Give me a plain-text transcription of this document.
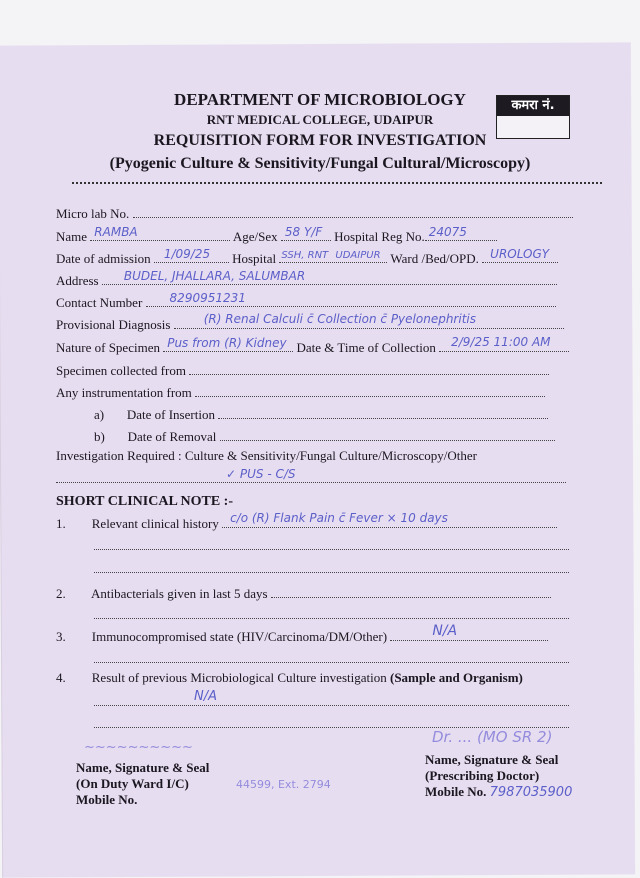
DEPARTMENT OF MICROBIOLOGY
RNT MEDICAL COLLEGE, UDAIPUR
REQUISITION FORM FOR INVESTIGATION
(Pyogenic Culture & Sensitivity/Fungal Cultural/Microscopy)
कमरा नं.
Micro lab No.
Name RAMBA	Age/Sex 58 Y/F Hospital Reg No. 24075
Date of admission 1/09/25 Hospital SSH, RNT UDAIPUR Ward /Bed/OPD. UROLOGY
Address BUDEL, JHALLARA, SALUMBAR
Contact Number 8290951231
Provisional Diagnosis	(R) Renal Calculi c̄ Collection c̄ Pyelonephritis
Nature of Specimen Pus from (R) Kidney Date & Time of Collection 2/9/25 11:00 AM
Specimen collected from
Any instrumentation from
a) Date of Insertion
b) Date of Removal
Investigation Required : Culture & Sensitivity/Fungal Culture/Microscopy/Other
✓ PUS - C/S
SHORT CLINICAL NOTE :-
1. Relevant clinical history c/o (R) Flank Pain c̄ Fever × 10 days
2. Antibacterials given in last 5 days
3. Immunocompromised state (HIV/Carcinoma/DM/Other)	N/A
4. Result of previous Microbiological Culture investigation (Sample and Organism)
N/A
~~~~~~~~~~
Name, Signature & Seal
(On Duty Ward I/C)
Mobile No.
44599, Ext. 2794
Dr. ... (MO SR 2)
Name, Signature & Seal
(Prescribing Doctor)
Mobile No. 7987035900
